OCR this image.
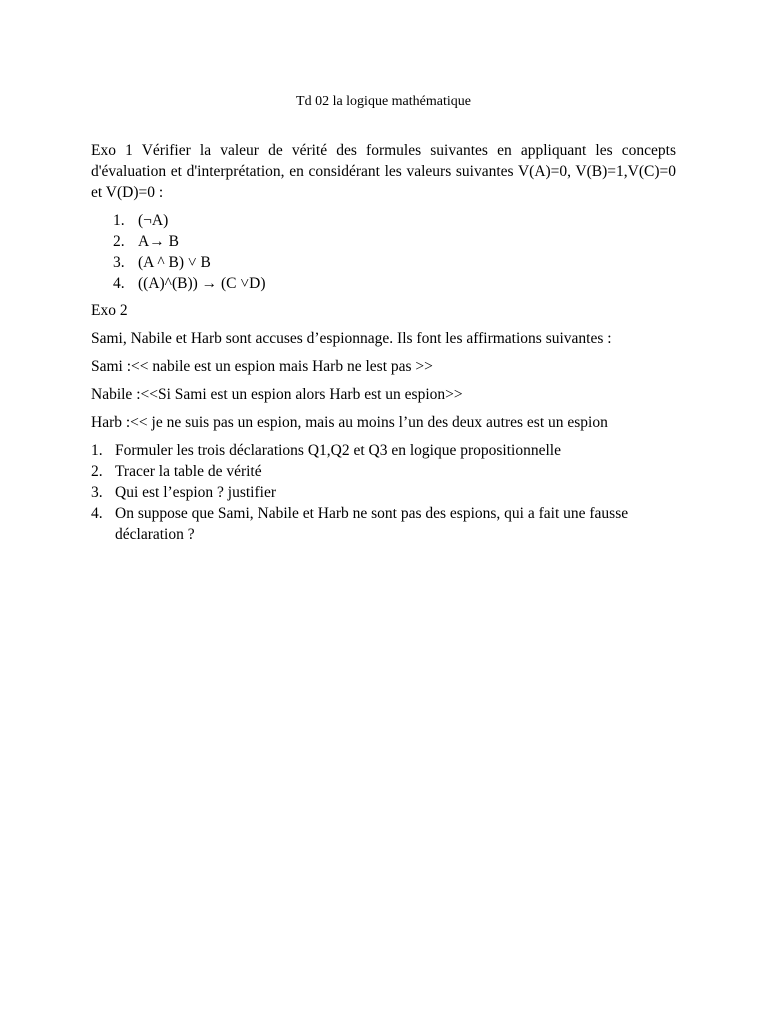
Td 02 la logique mathématique

Exo 1 Vérifier la valeur de vérité des formules suivantes en appliquant les concepts d'évaluation et d'interprétation, en considérant les valeurs suivantes V(A)=0, V(B)=1,V(C)=0 et V(D)=0 :

1. (¬A)
2. A→ B
3. (A ^ B) ˅ B
4. ((A)^(B)) → (C ˅D)

Exo 2

Sami, Nabile et Harb sont accuses d’espionnage. Ils font les affirmations suivantes :

Sami :<< nabile est un espion mais Harb ne lest pas >>

Nabile :<<Si Sami est un espion alors Harb est un espion>>

Harb :<< je ne suis pas un espion, mais au moins l’un des deux autres est un espion

1. Formuler les trois déclarations Q1,Q2 et Q3 en logique propositionnelle
2. Tracer la table de vérité
3. Qui est l’espion ? justifier
4. On suppose que Sami, Nabile et Harb ne sont pas des espions, qui a fait une fausse déclaration ?
